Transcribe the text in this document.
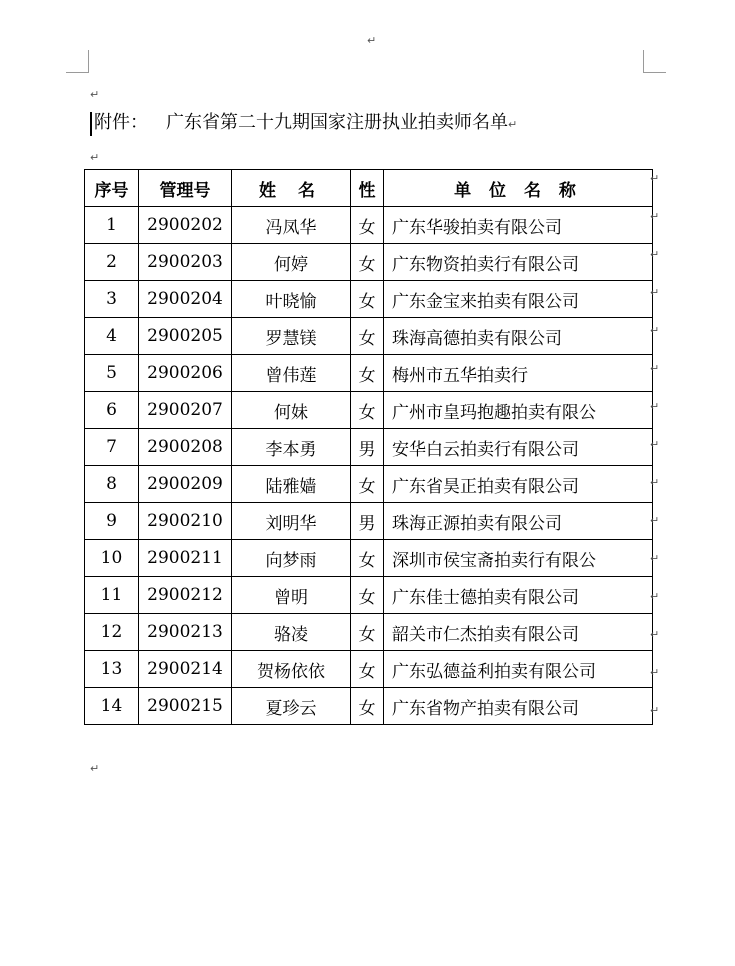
↵
↵
附件： 广东省第二十九期国家注册执业拍卖师名单↵
↵
序号	管理号	姓 名	性	单 位 名 称
1	2900202	冯凤华	女	广东华骏拍卖有限公司
2	2900203	何婷	女	广东物资拍卖行有限公司
3	2900204	叶晓愉	女	广东金宝来拍卖有限公司
4	2900205	罗慧镁	女	珠海高德拍卖有限公司
5	2900206	曾伟莲	女	梅州市五华拍卖行
6	2900207	何妹	女	广州市皇玛抱趣拍卖有限公
7	2900208	李本勇	男	安华白云拍卖行有限公司
8	2900209	陆雅嫱	女	广东省昊正拍卖有限公司
9	2900210	刘明华	男	珠海正源拍卖有限公司
10	2900211	向梦雨	女	深圳市侯宝斋拍卖行有限公
11	2900212	曾明	女	广东佳士德拍卖有限公司
12	2900213	骆凌	女	韶关市仁杰拍卖有限公司
13	2900214	贺杨依依	女	广东弘德益利拍卖有限公司
14	2900215	夏珍云	女	广东省物产拍卖有限公司
↵
↵
↵
↵
↵
↵
↵
↵
↵
↵
↵
↵
↵
↵
↵
↵
